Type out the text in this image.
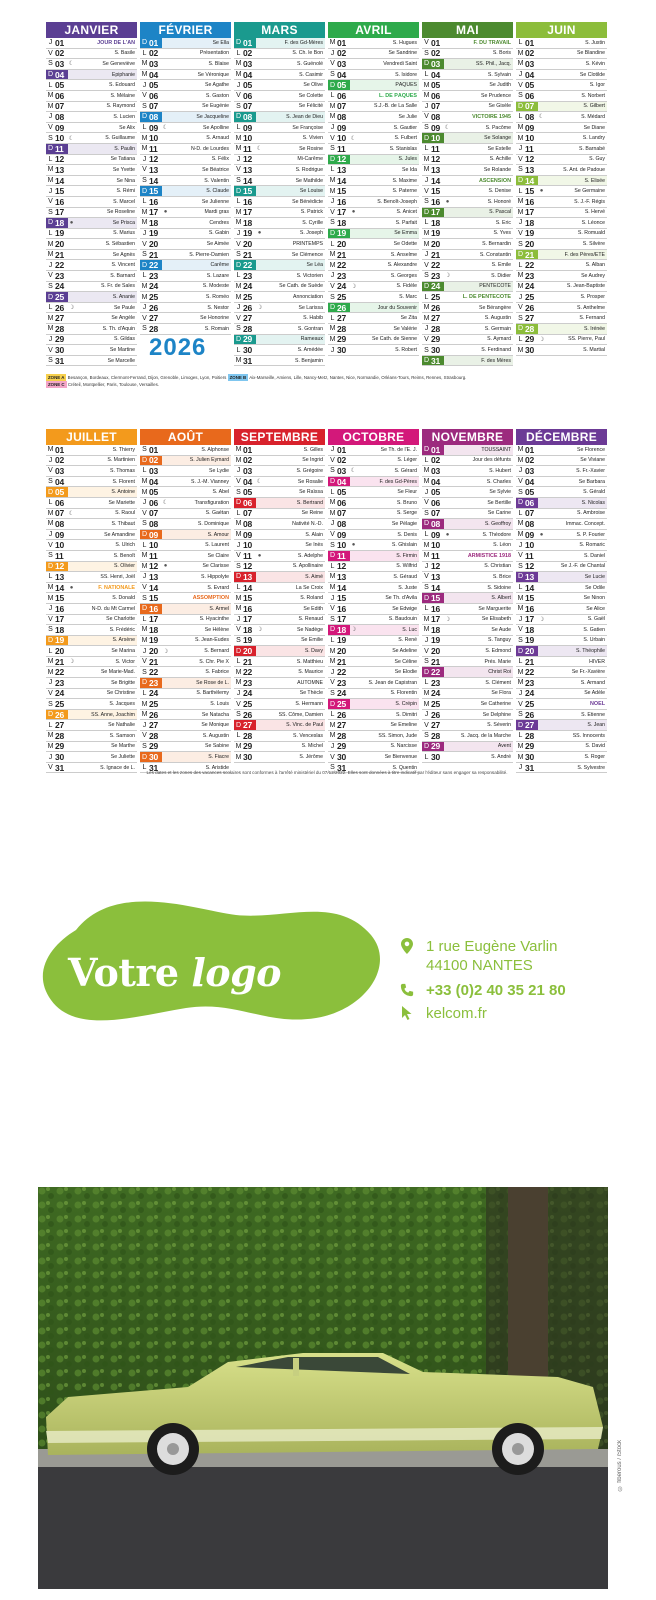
JANVIER
J 01	JOUR DE L'AN
V 02	S. Basile
S 03 ☾	Se Geneviève
D 04	Épiphanie
L 05	S. Édouard
M 06	S. Mélaine
M 07	S. Raymond
J 08	S. Lucien
V 09	Se Alix
S 10 ☾	S. Guillaume
D 11	S. Paulin
L 12	Se Tatiana
M 13	Se Yvette
M 14	Se Nina
J 15	S. Rémi
V 16	S. Marcel
S 17	Se Roseline
D 18 ●	Se Prisca
L 19	S. Marius
M 20	S. Sébastien
M 21	Se Agnès
J 22	S. Vincent
V 23	S. Barnard
S 24	S. Fr. de Sales
D 25	S. Ananie
L 26 ☽	Se Paule
M 27	Se Angèle
M 28	S. Th. d'Aquin
J 29	S. Gildas
V 30	Se Martine
S 31	Se Marcelle
FÉVRIER
D 01	Se Ella
L 02	Présentation
M 03	S. Blaise
M 04	Se Véronique
J 05	Se Agathe
V 06	S. Gaston
S 07	Se Eugénie
D 08	Se Jacqueline
L 09 ☾	Se Apolline
M 10	S. Arnaud
M 11	N-D. de Lourdes
J 12	S. Félix
V 13	Se Béatrice
S 14	S. Valentin
D 15	S. Claude
L 16	Se Julienne
M 17 ●	Mardi gras
M 18	Cendres
J 19	S. Gabin
V 20	Se Aimée
S 21	S. Pierre-Damien
D 22	Carême
L 23	S. Lazare
M 24	S. Modeste
M 25	S. Roméo
J 26	S. Nestor
V 27	Se Honorine
S 28	S. Romain
MARS
D 01	F. des Gd-Mères
L 02	S. Ch. le Bon
M 03	S. Guénolé
M 04	S. Casimir
J 05	Se Olive
V 06	Se Colette
S 07	Se Félicité
D 08	S. Jean de Dieu
L 09	Se Françoise
M 10	S. Vivien
M 11 ☾	Se Rosine
J 12	Mi-Carême
V 13	S. Rodrigue
S 14	Se Mathilde
D 15	Se Louise
L 16	Se Bénédicte
M 17	S. Patrick
M 18	S. Cyrille
J 19 ●	S. Joseph
V 20	PRINTEMPS
S 21	Se Clémence
D 22	Se Léa
L 23	S. Victorien
M 24	Se Cath. de Suède
M 25	Annonciation
J 26 ☽	Se Larissa
V 27	S. Habib
S 28	S. Gontran
D 29	Rameaux
L 30	S. Amédée
M 31	S. Benjamin
AVRIL
M 01	S. Hugues
J 02	Se Sandrine
V 03	Vendredi Saint
S 04	S. Isidore
D 05	PÂQUES
L 06	L. DE PÂQUES
M 07	S.J.-B. de La Salle
M 08	Se Julie
J 09	S. Gautier
V 10 ☾	S. Fulbert
S 11	S. Stanislas
D 12	S. Jules
L 13	Se Ida
M 14	S. Maxime
M 15	S. Paterne
J 16	S. Benoît-Joseph
V 17 ●	S. Anicet
S 18	S. Parfait
D 19	Se Emma
L 20	Se Odette
M 21	S. Anselme
M 22	S. Alexandre
J 23	S. Georges
V 24 ☽	S. Fidèle
S 25	S. Marc
D 26	Jour du Souvenir
L 27	Se Zita
M 28	Se Valérie
M 29	Se Cath. de Sienne
J 30	S. Robert
MAI
V 01	F. DU TRAVAIL
S 02	S. Boris
D 03	SS. Phil., Jacq.
L 04	S. Sylvain
M 05	Se Judith
M 06	Se Prudence
J 07	Se Gisèle
V 08	VICTOIRE 1945
S 09 ☾	S. Pacôme
D 10	Se Solange
L 11	Se Estelle
M 12	S. Achille
M 13	Se Rolande
J 14	ASCENSION
V 15	S. Denise
S 16 ●	S. Honoré
D 17	S. Pascal
L 18	S. Éric
M 19	S. Yves
M 20	S. Bernardin
J 21	S. Constantin
V 22	S. Émile
S 23 ☽	S. Didier
D 24	PENTECÔTE
L 25	L. DE PENTECÔTE
M 26	Se Bérangère
M 27	S. Augustin
J 28	S. Germain
V 29	S. Aymard
S 30	S. Ferdinand
D 31	F. des Mères
JUIN
L 01	S. Justin
M 02	Se Blandine
M 03	S. Kévin
J 04	Se Clotilde
V 05	S. Igor
S 06	S. Norbert
D 07	S. Gilbert
L 08 ☾	S. Médard
M 09	Se Diane
M 10	S. Landry
J 11	S. Barnabé
V 12	S. Guy
S 13	S. Ant. de Padoue
D 14	S. Élisée
L 15 ●	Se Germaine
M 16	S. J.-F. Régis
M 17	S. Hervé
J 18	S. Léonce
V 19	S. Romuald
S 20	S. Silvère
D 21	F. des Pères/ÉTÉ
L 22	S. Alban
M 23	Se Audrey
M 24	S. Jean-Baptiste
J 25	S. Prosper
V 26	S. Anthelme
S 27	S. Fernand
D 28	S. Irénée
L 29 ☽	SS. Pierre, Paul
M 30	S. Martial
2026
ZONE A Besançon, Bordeaux, Clermont-Ferrand, Dijon, Grenoble, Limoges, Lyon, Poitiers ZONE B Aix-Marseille, Amiens, Lille, Nancy-Metz, Nantes, Nice, Normandie, Orléans-Tours, Reims, Rennes, Strasbourg.
ZONE C Créteil, Montpellier, Paris, Toulouse, Versailles.
JUILLET
M 01	S. Thierry
J 02	S. Martinien
V 03	S. Thomas
S 04	S. Florent
D 05	S. Antoine
L 06	Se Mariette
M 07 ☾	S. Raoul
M 08	S. Thibaut
J 09	Se Amandine
V 10	S. Ulrich
S 11	S. Benoît
D 12	S. Olivier
L 13	SS. Henri, Joël
M 14 ●	F. NATIONALE
M 15	S. Donald
J 16	N-D. du Mt Carmel
V 17	Se Charlotte
S 18	S. Frédéric
D 19	S. Arsène
L 20	Se Marina
M 21 ☽	S. Victor
M 22	Se Marie-Mad.
J 23	Se Brigitte
V 24	Se Christine
S 25	S. Jacques
D 26	SS. Anne, Joachim
L 27	Se Nathalie
M 28	S. Samson
M 29	Se Marthe
J 30	Se Juliette
V 31	S. Ignace de L.
AOÛT
S 01	S. Alphonse
D 02	S. Julien Eymard
L 03	Se Lydie
M 04	S. J.-M. Vianney
M 05	S. Abel
J 06 ☾	Transfiguration
V 07	S. Gaétan
S 08	S. Dominique
D 09	S. Amour
L 10	S. Laurent
M 11	Se Claire
M 12 ●	Se Clarisse
J 13	S. Hippolyte
V 14	S. Evrard
S 15	ASSOMPTION
D 16	S. Armel
L 17	S. Hyacinthe
M 18	Se Hélène
M 19	S. Jean-Eudes
J 20 ☽	S. Bernard
V 21	S. Chr. Pie X
S 22	S. Fabrice
D 23	Se Rose de L.
L 24	S. Barthélemy
M 25	S. Louis
M 26	Se Natacha
J 27	Se Monique
V 28	S. Augustin
S 29	Se Sabine
D 30	S. Fiacre
L 31	S. Aristide
SEPTEMBRE
M 01	S. Gilles
M 02	Se Ingrid
J 03	S. Grégoire
V 04 ☾	Se Rosalie
S 05	Se Raïssa
D 06	S. Bertrand
L 07	Se Reine
M 08	Nativité N.-D.
M 09	S. Alain
J 10	Se Inès
V 11	●	S. Adelphe
S 12	S. Apollinaire
D 13	S. Aimé
L 14	La Se Croix
M 15	S. Roland
M 16	Se Édith
J 17	S. Renaud
V 18 ☽	Se Nadège
S 19	Se Émilie
D 20	S. Davy
L 21	S. Matthieu
M 22	S. Maurice
M 23	AUTOMNE
J 24	Se Thècle
V 25	S. Hermann
S 26	SS. Côme, Damien
D 27	S. Vinc. de Paul
L 28	S. Venceslas
M 29	S. Michel
M 30	S. Jérôme
OCTOBRE
J 01	Se Th. de l'E. J.
V 02	S. Léger
S 03 ☾	S. Gérard
D 04	F. des Gd-Pères
L 05	Se Fleur
M 06	S. Bruno
M 07	S. Serge
J 08	Se Pélagie
V 09	S. Denis
S 10 ●	S. Ghislain
D 11	S. Firmin
L 12	S. Wilfrid
M 13	S. Géraud
M 14	S. Juste
J 15	Se Th. d'Avila
V 16	Se Edwige
S 17	S. Baudouin
D 18 ☽	S. Luc
L 19	S. René
M 20	Se Adeline
M 21	Se Céline
J 22	Se Élodie
V 23	S. Jean de Capistran
S 24	S. Florentin
D 25	S. Crépin
L 26	S. Dimitri
M 27	Se Émeline
M 28	SS. Simon, Jude
J 29	S. Narcisse
V 30	Se Bienvenue
S 31	S. Quentin
NOVEMBRE
D 01	TOUSSAINT
L 02	Jour des défunts
M 03	S. Hubert
M 04	S. Charles
J 05	Se Sylvie
V 06	Se Bertille
S 07	Se Carine
D 08	S. Geoffroy
L 09 ●	S. Théodore
M 10	S. Léon
M 11	ARMISTICE 1918
J 12	S. Christian
V 13	S. Brice
S 14	S. Sidoine
D 15	S. Albert
L 16	Se Marguerite
M 17 ☽	Se Élisabeth
M 18	Se Aude
J 19	S. Tanguy
V 20	S. Edmond
S 21	Prés. Marie
D 22	Christ Roi
L 23	S. Clément
M 24	Se Flora
M 25	Se Catherine
J 26	Se Delphine
V 27	S. Séverin
S 28	S. Jacq. de la Marche
D 29	Avent
L 30	S. André
DÉCEMBRE
M 01	Se Florence
M 02	Se Viviane
J 03	S. Fr.-Xavier
V 04	Se Barbara
S 05	S. Gérald
D 06	S. Nicolas
L 07	S. Ambroise
M 08	Immac. Concept.
M 09 ●	S. P. Fourier
J 10	S. Romaric
V 11	S. Daniel
S 12	Se J.-F. de Chantal
D 13	Se Lucie
L 14	Se Odile
M 15	Se Ninon
M 16	Se Alice
J 17 ☽	S. Gaël
V 18	S. Gatien
S 19	S. Urbain
D 20	S. Théophile
L 21	HIVER
M 22	Se Fr.-Xavière
M 23	S. Armand
J 24	Se Adèle
V 25	NOËL
S 26	S. Étienne
D 27	S. Jean
L 28	SS. Innocents
M 29	S. David
M 30	S. Roger
J 31	S. Sylvestre
Les dates et les zones des vacances scolaires sont conformes à l'arrêté ministériel du 07/12/2022. Elles sont données à titre indicatif par l'éditeur sans engager sa responsabilité.
Votre logo
1 rue Eugène Varlin
44100 NANTES
+33 (0)2 40 35 21 80
kelcom.fr
© fiberous / iStock
